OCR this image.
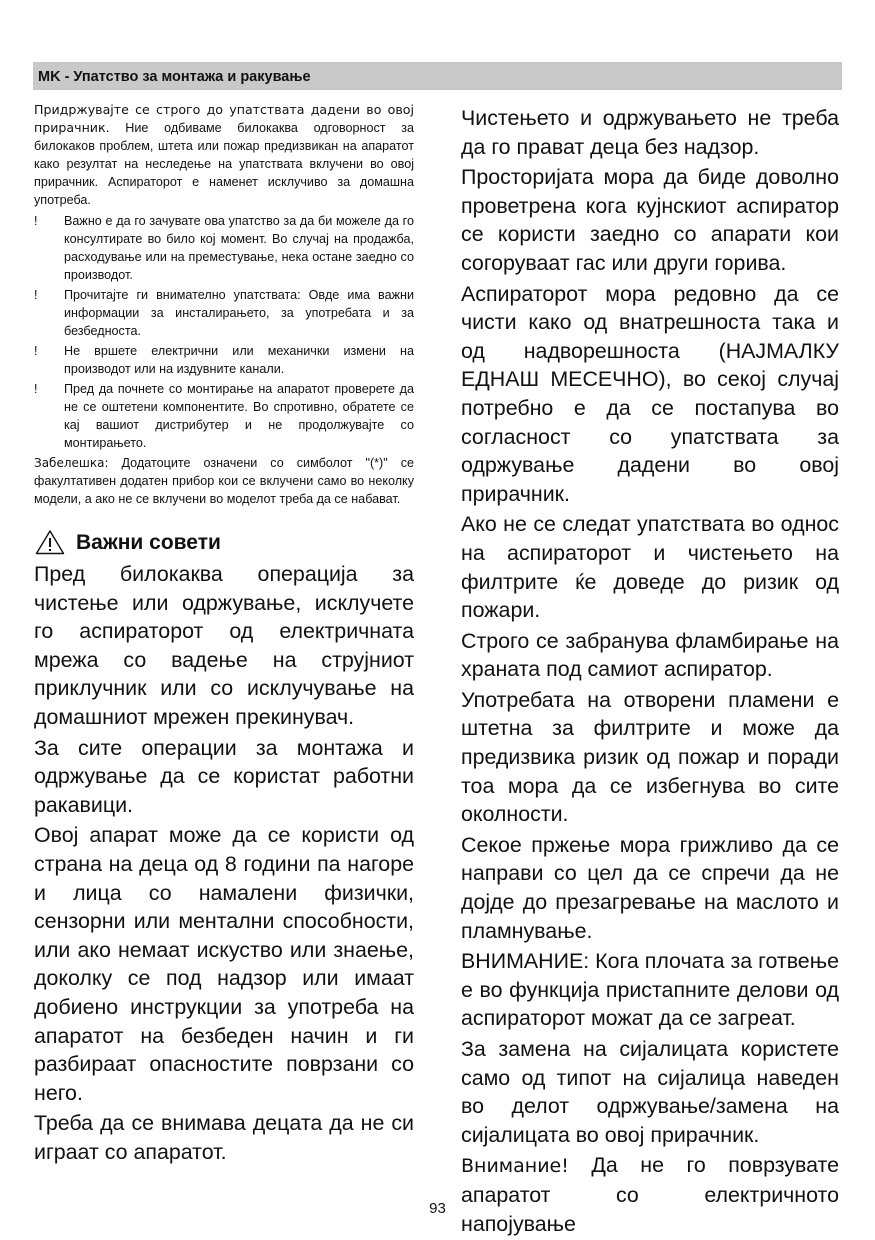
MK - Упатство за монтажа и ракување

Придржувајте се строго до упатствата дадени во овој прирачник. Ние одбиваме билокаква одговорност за билокаков проблем, штета или пожар предизвикан на апаратот како резултат на неследење на упатствата вклучени во овој прирачник. Аспираторот е наменет исклучиво за домашна употреба.

! Важно е да го зачувате ова упатство за да би можеле да го консултирате во било кој момент. Во случај на продажба, расходување или на преместување, нека остане заедно со производот.
! Прочитајте ги внимателно упатствата: Овде има важни информации за инсталирањето, за употребата и за безбедноста.
! Не вршете електрични или механички измени на производот или на издувните канали.
! Пред да почнете со монтирање на апаратот проверете да не се оштетени компонентите. Во спротивно, обратете се кај вашиот дистрибутер и не продолжувајте со монтирањето.

Забелешка: Додатоците означени со симболот "(*)" се факултативен додатен прибор кои се вклучени само во неколку модели, а ако не се вклучени во моделот треба да се набават.

Важни совети

Пред билокаква операција за чистење или одржување, исклучете го аспираторот од електричната мрежа со вадење на струјниот приклучник или со исклучување на домашниот мрежен прекинувач.

За сите операции за монтажа и одржување да се користат работни ракавици.

Овој апарат може да се користи од страна на деца од 8 години па нагоре и лица со намалени физички, сензорни или ментални способности, или ако немаат искуство или знаење, доколку се под надзор или имаат добиено инструкции за употреба на апаратот на безбеден начин и ги разбираат опасностите поврзани со него.

Треба да се внимава децата да не си играат со апаратот.

Чистењето и одржувањето не треба да го прават деца без надзор.

Просторијата мора да биде доволно проветрена кога кујнскиот аспиратор се користи заедно со апарати кои согоруваат гас или други горива.

Аспираторот мора редовно да се чисти како од внатрешноста така и од надворешноста (НАЈМАЛКУ ЕДНАШ МЕСЕЧНО), во секој случај потребно е да се постапува во согласност со упатствата за одржување дадени во овој прирачник.

Ако не се следат упатствата во однос на аспираторот и чистењето на филтрите ќе доведе до ризик од пожари.

Строго се забранува фламбирање на храната под самиот аспиратор.

Употребата на отворени пламени е штетна за филтрите и може да предизвика ризик од пожар и поради тоа мора да се избегнува во сите околности.

Секое пржење мора грижливо да се направи со цел да се спречи да не дојде до презагревање на маслото и пламнување.

ВНИМАНИЕ: Кога плочата за готвење е во функција пристапните делови од аспираторот можат да се загреат.

За замена на сијалицата користете само од типот на сијалица наведен во делот одржување/замена на сијалицата во овој прирачник.

Внимание! Да не го поврзувате апаратот со електричното напојување

93
